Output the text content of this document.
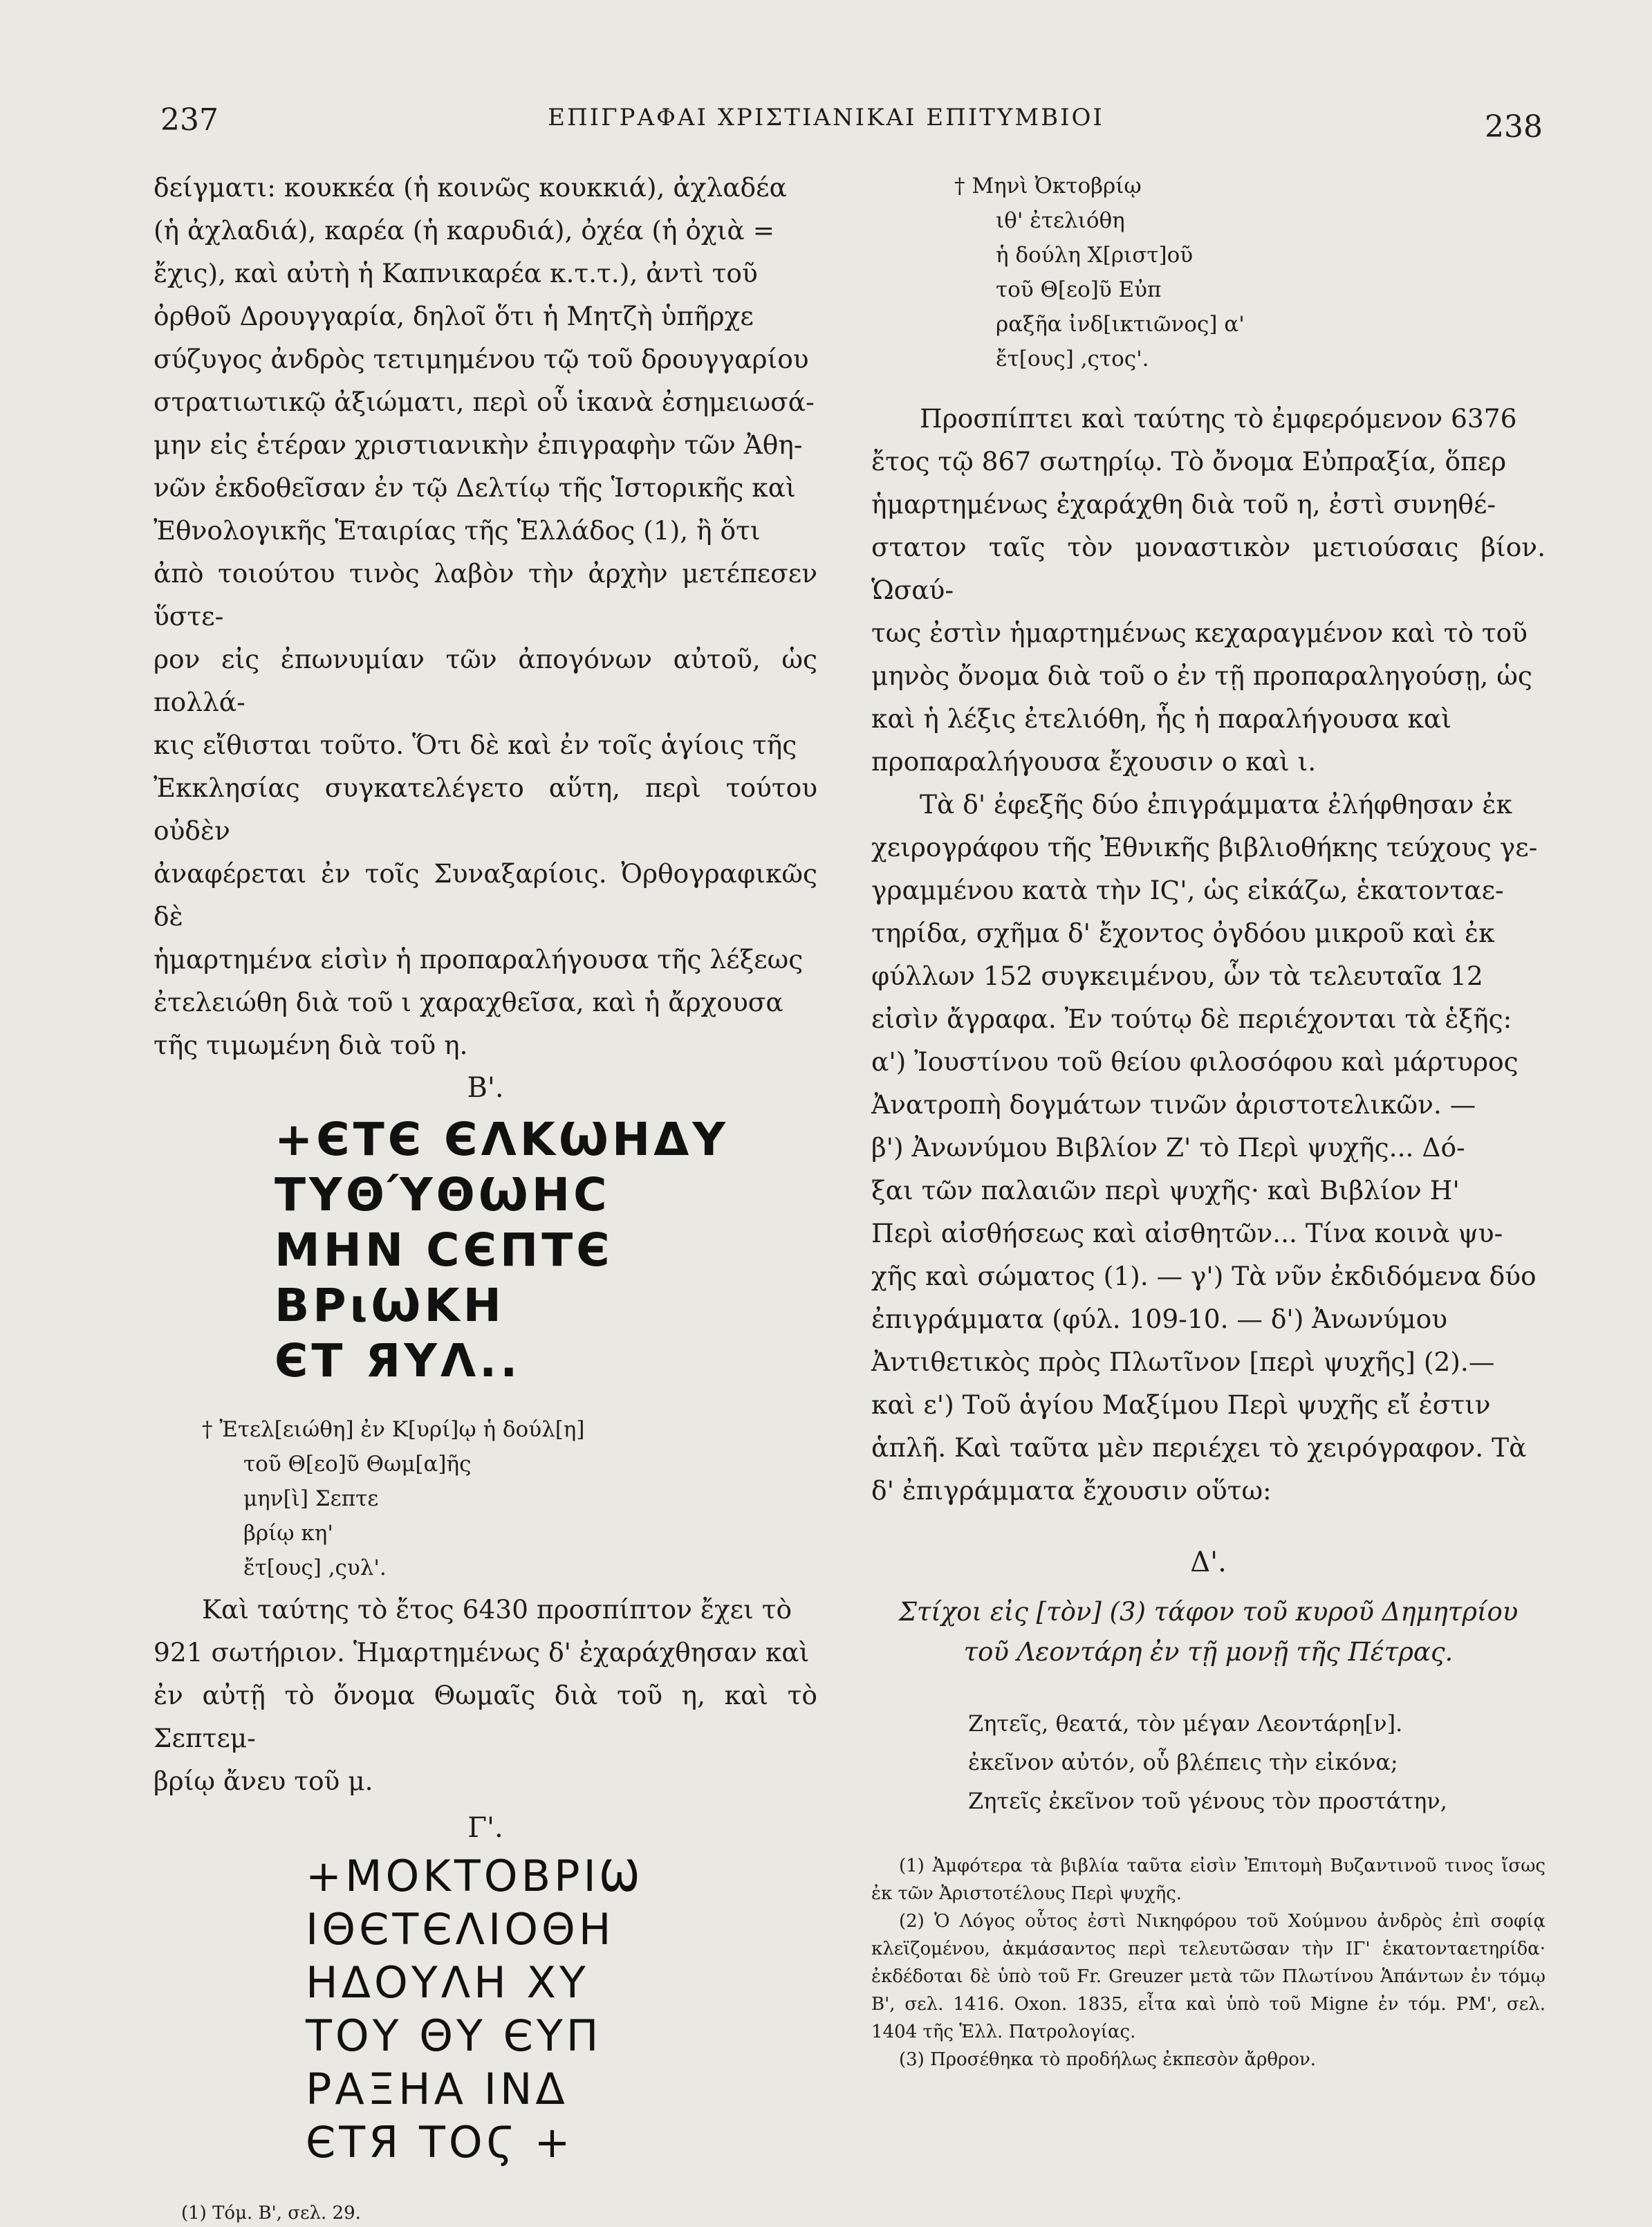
237	ΕΠΙΓΡΑΦΑΙ ΧΡΙΣΤΙΑΝΙΚΑΙ ΕΠΙΤΥΜΒΙΟΙ	238
δείγματι: κουκκέα (ἡ κοινῶς κουκκιά), ἀχλαδέα
(ἡ ἀχλαδιά), καρέα (ἡ καρυδιά), ὀχέα (ἡ ὀχιὰ =
ἔχις), καὶ αὐτὴ ἡ Καπνικαρέα κ.τ.τ.), ἀντὶ τοῦ
ὀρθοῦ Δρουγγαρία, δηλοῖ ὅτι ἡ Μητζὴ ὑπῆρχε
σύζυγος ἀνδρὸς τετιμημένου τῷ τοῦ δρουγγαρίου
στρατιωτικῷ ἀξιώματι, περὶ οὗ ἱκανὰ ἐσημειωσά-
μην εἰς ἑτέραν χριστιανικὴν ἐπιγραφὴν τῶν Ἀθη-
νῶν ἐκδοθεῖσαν ἐν τῷ Δελτίῳ τῆς Ἱστορικῆς καὶ
Ἐθνολογικῆς Ἑταιρίας τῆς Ἑλλάδος (1), ἢ ὅτι
ἀπὸ τοιούτου τινὸς λαβὸν τὴν ἀρχὴν μετέπεσεν ὕστε-
ρον εἰς ἐπωνυμίαν τῶν ἀπογόνων αὐτοῦ, ὡς πολλά-
κις εἴθισται τοῦτο. Ὅτι δὲ καὶ ἐν τοῖς ἁγίοις τῆς
Ἐκκλησίας συγκατελέγετο αὕτη, περὶ τούτου οὐδὲν
ἀναφέρεται ἐν τοῖς Συναξαρίοις. Ὀρθογραφικῶς δὲ
ἡμαρτημένα εἰσὶν ἡ προπαραλήγουσα τῆς λέξεως
ἐτελειώθη διὰ τοῦ ι χαραχθεῖσα, καὶ ἡ ἄρχουσα
τῆς τιμωμένη διὰ τοῦ η.
Β'.
+ЄΤЄ ЄΛΚѠΗΔΥ
ΤΥΘΎΘѠΗC
ΜΗΝ CЄΠΤЄ
ΒΡιѠΚΗ
ЄΤ ЯΥΛ..
† Ἐτελ[ειώθη] ἐν Κ[υρί]ῳ ἡ δούλ[η]
τοῦ Θ[εο]ῦ Θωμ[α]ῆς
μην[ὶ] Σεπτε
βρίῳ κη'
ἔτ[ους] ,ςυλ'.
Καὶ ταύτης τὸ ἔτος 6430 προσπίπτον ἔχει τὸ
921 σωτήριον. Ἡμαρτημένως δ' ἐχαράχθησαν καὶ
ἐν αὐτῇ τὸ ὄνομα Θωμαῖς διὰ τοῦ η, καὶ τὸ Σεπτεμ-
βρίῳ ἄνευ τοῦ μ.
Γ'.
+ΜΟΚΤΟΒΡΙѠ
ΙΘЄΤЄΛΙΟΘΗ
ΗΔΟΥΛΗ ΧΥ
ΤΟΥ ΘΥ ЄΥΠ
ΡΑΞΗΑ ΙΝΔ
ЄΤЯ ΤΟϚ +

(1) Τόμ. Β', σελ. 29.

† Μηνὶ Ὀκτοβρίῳ
ιθ' ἐτελιόθη
ἡ δούλη Χ[ριστ]οῦ
τοῦ Θ[εο]ῦ Εὐπ
ραξῆα ἰνδ[ικτιῶνος] α'
ἔτ[ους] ,ςτος'.
Προσπίπτει καὶ ταύτης τὸ ἐμφερόμενον 6376
ἔτος τῷ 867 σωτηρίῳ. Τὸ ὄνομα Εὐπραξία, ὅπερ
ἡμαρτημένως ἐχαράχθη διὰ τοῦ η, ἐστὶ συνηθέ-
στατον ταῖς τὸν μοναστικὸν μετιούσαις βίον. Ὡσαύ-
τως ἐστὶν ἡμαρτημένως κεχαραγμένον καὶ τὸ τοῦ
μηνὸς ὄνομα διὰ τοῦ ο ἐν τῇ προπαραληγούσῃ, ὡς
καὶ ἡ λέξις ἐτελιόθη, ἧς ἡ παραλήγουσα καὶ
προπαραλήγουσα ἔχουσιν ο καὶ ι.
Τὰ δ' ἐφεξῆς δύο ἐπιγράμματα ἐλήφθησαν ἐκ
χειρογράφου τῆς Ἐθνικῆς βιβλιοθήκης τεύχους γε-
γραμμένου κατὰ τὴν ΙϚ', ὡς εἰκάζω, ἑκατονταε-
τηρίδα, σχῆμα δ' ἔχοντος ὀγδόου μικροῦ καὶ ἐκ
φύλλων 152 συγκειμένου, ὧν τὰ τελευταῖα 12
εἰσὶν ἄγραφα. Ἐν τούτῳ δὲ περιέχονται τὰ ἑξῆς:
α') Ἰουστίνου τοῦ θείου φιλοσόφου καὶ μάρτυρος
Ἀνατροπὴ δογμάτων τινῶν ἀριστοτελικῶν. —
β') Ἀνωνύμου Βιβλίον Ζ' τὸ Περὶ ψυχῆς... Δό-
ξαι τῶν παλαιῶν περὶ ψυχῆς· καὶ Βιβλίον Η'
Περὶ αἰσθήσεως καὶ αἰσθητῶν... Τίνα κοινὰ ψυ-
χῆς καὶ σώματος (1). — γ') Τὰ νῦν ἐκδιδόμενα δύο
ἐπιγράμματα (φύλ. 109-10. — δ') Ἀνωνύμου
Ἀντιθετικὸς πρὸς Πλωτῖνον [περὶ ψυχῆς] (2).—
καὶ ε') Τοῦ ἁγίου Μαξίμου Περὶ ψυχῆς εἴ ἐστιν
ἁπλῆ. Καὶ ταῦτα μὲν περιέχει τὸ χειρόγραφον. Τὰ
δ' ἐπιγράμματα ἔχουσιν οὕτω:
Δ'.
Στίχοι εἰς [τὸν] (3) τάφον τοῦ κυροῦ Δημητρίου
τοῦ Λεοντάρη ἐν τῇ μονῇ τῆς Πέτρας.
Ζητεῖς, θεατά, τὸν μέγαν Λεοντάρη[ν].
ἐκεῖνον αὐτόν, οὗ βλέπεις τὴν εἰκόνα;
Ζητεῖς ἐκεῖνον τοῦ γένους τὸν προστάτην,

(1) Ἀμφότερα τὰ βιβλία ταῦτα εἰσὶν Ἐπιτομὴ Βυζαντινοῦ τινος ἴσως ἐκ τῶν Ἀριστοτέλους Περὶ ψυχῆς.

(2) Ὁ Λόγος οὗτος ἐστὶ Νικηφόρου τοῦ Χούμνου ἀνδρὸς ἐπὶ σοφίᾳ κλεϊζομένου, ἀκμάσαντος περὶ τελευτῶσαν τὴν ΙΓ' ἑκατονταετηρίδα· ἐκδέδοται δὲ ὑπὸ τοῦ Fr. Greuzer μετὰ τῶν Πλωτίνου Ἁπάντων ἐν τόμῳ Β', σελ. 1416. Oxon. 1835, εἶτα καὶ ὑπὸ τοῦ Migne ἐν τόμ. ΡΜ', σελ. 1404 τῆς Ἑλλ. Πατρολογίας.

(3) Προσέθηκα τὸ προδήλως ἐκπεσὸν ἄρθρον.
